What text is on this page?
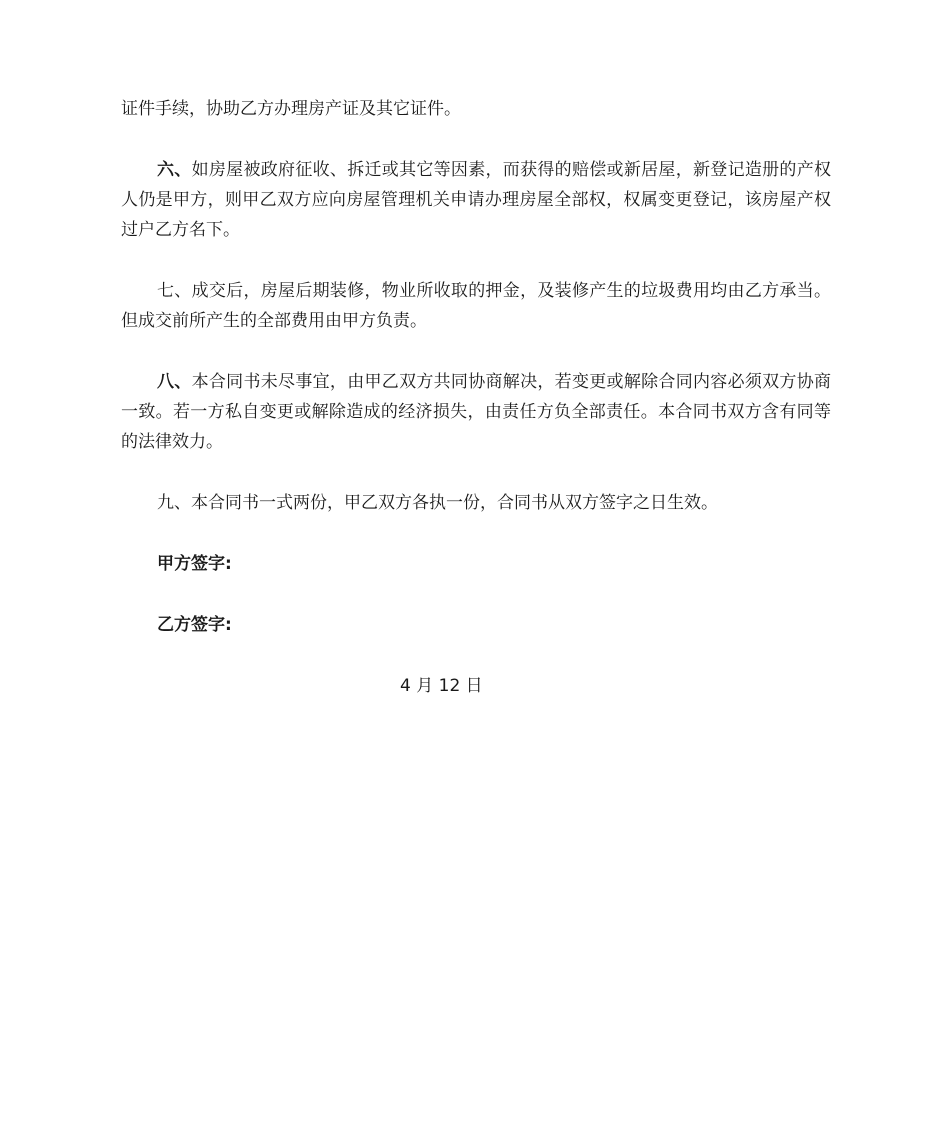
证件手续，协助乙方办理房产证及其它证件。

六、如房屋被政府征收、拆迁或其它等因素，而获得的赔偿或新居屋，新登记造册的产权人仍是甲方，则甲乙双方应向房屋管理机关申请办理房屋全部权，权属变更登记，该房屋产权过户乙方名下。

七、成交后，房屋后期装修，物业所收取的押金，及装修产生的垃圾费用均由乙方承当。但成交前所产生的全部费用由甲方负责。

八、本合同书未尽事宜，由甲乙双方共同协商解决，若变更或解除合同内容必须双方协商一致。若一方私自变更或解除造成的经济损失，由责任方负全部责任。本合同书双方含有同等的法律效力。

九、本合同书一式两份，甲乙双方各执一份，合同书从双方签字之日生效。

甲方签字:

乙方签字:

4 月 12 日
